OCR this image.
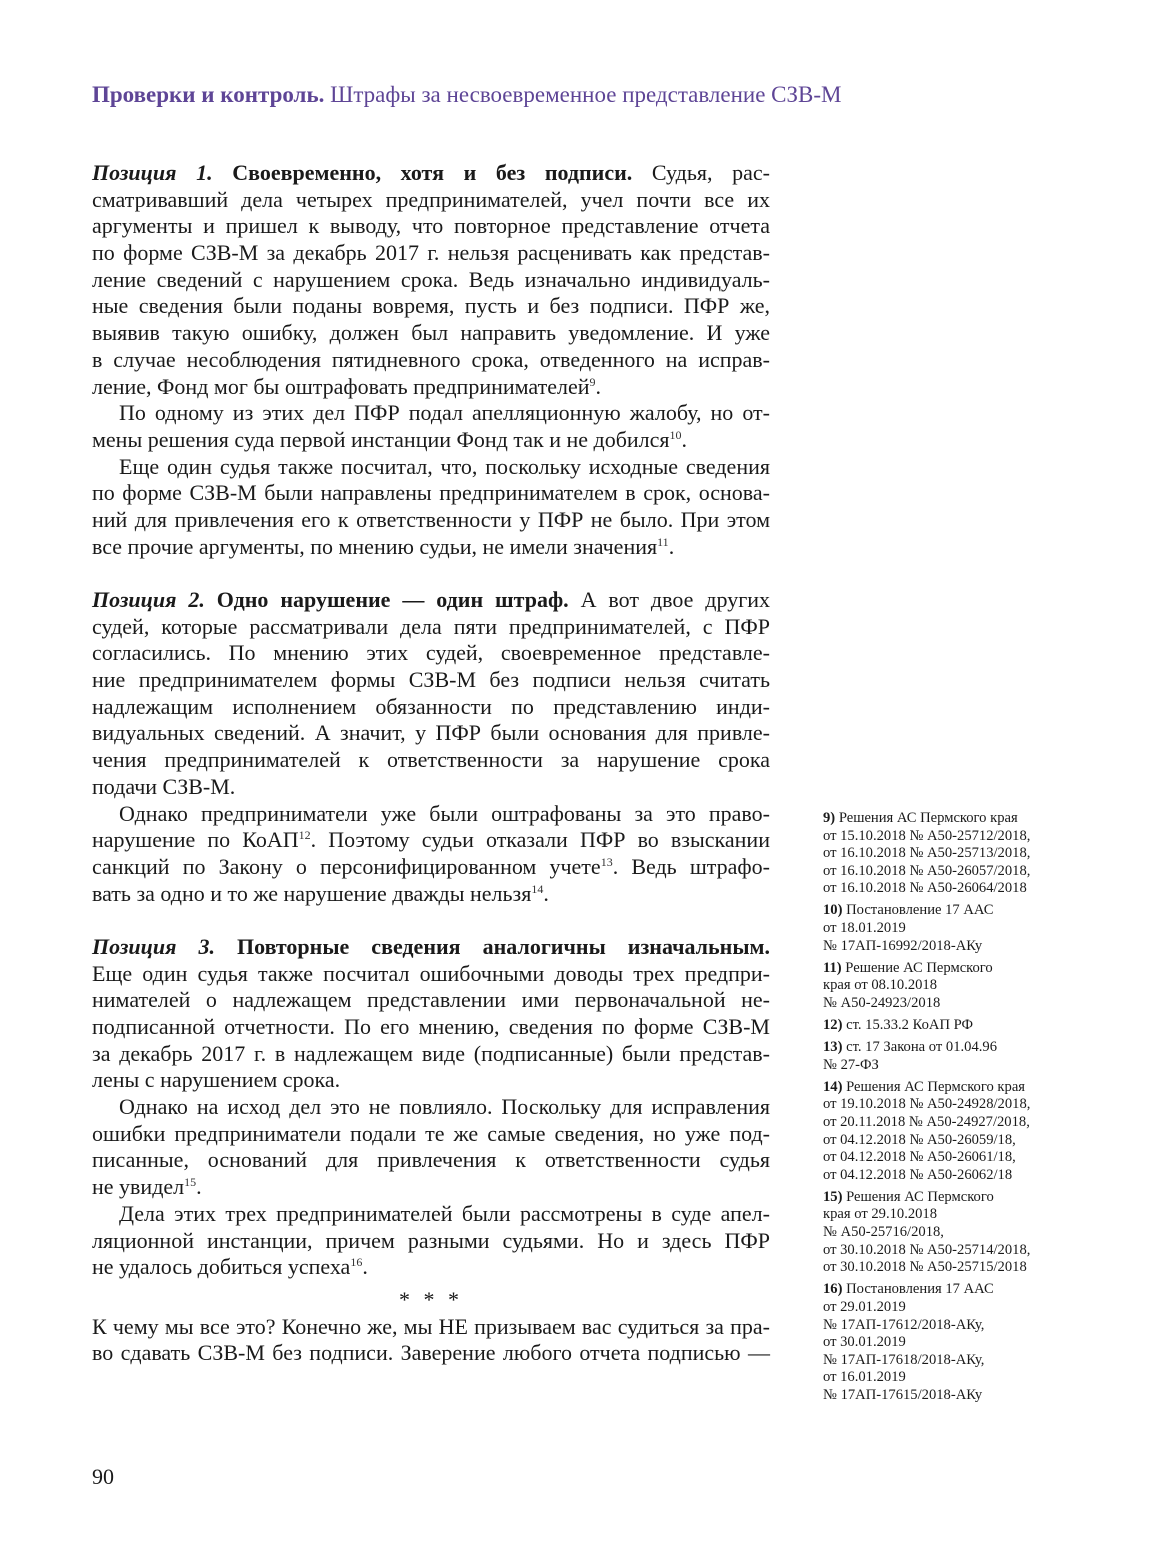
Проверки и контроль. Штрафы за несвоевременное представление СЗВ-М
Позиция 1. Своевременно, хотя и без подписи. Судья, рас-
сматривавший дела четырех предпринимателей, учел почти все их
аргументы и пришел к выводу, что повторное представление отчета
по форме СЗВ-М за декабрь 2017 г. нельзя расценивать как представ-
ление сведений с нарушением срока. Ведь изначально индивидуаль-
ные сведения были поданы вовремя, пусть и без подписи. ПФР же,
выявив такую ошибку, должен был направить уведомление. И уже
в случае несоблюдения пятидневного срока, отведенного на исправ-
ление, Фонд мог бы оштрафовать предпринимателей$^9$.
По одному из этих дел ПФР подал апелляционную жалобу, но от-
мены решения суда первой инстанции Фонд так и не добился$^{10}$.
Еще один судья также посчитал, что, поскольку исходные сведения
по форме СЗВ-М были направлены предпринимателем в срок, основа-
ний для привлечения его к ответственности у ПФР не было. При этом
все прочие аргументы, по мнению судьи, не имели значения$^{11}$.
Позиция 2. Одно нарушение — один штраф. А вот двое других
судей, которые рассматривали дела пяти предпринимателей, с ПФР
согласились. По мнению этих судей, своевременное представле-
ние предпринимателем формы СЗВ-М без подписи нельзя считать
надлежащим исполнением обязанности по представлению инди-
видуальных сведений. А значит, у ПФР были основания для привле-
чения предпринимателей к ответственности за нарушение срока
подачи СЗВ-М.
Однако предприниматели уже были оштрафованы за это право-
нарушение по КоАП$^{12}$. Поэтому судьи отказали ПФР во взыскании
санкций по Закону о персонифицированном учете$^{13}$. Ведь штрафо-
вать за одно и то же нарушение дважды нельзя$^{14}$.
Позиция 3. Повторные сведения аналогичны изначальным.
Еще один судья также посчитал ошибочными доводы трех предпри-
нимателей о надлежащем представлении ими первоначальной не-
подписанной отчетности. По его мнению, сведения по форме СЗВ-М
за декабрь 2017 г. в надлежащем виде (подписанные) были представ-
лены с нарушением срока.
Однако на исход дел это не повлияло. Поскольку для исправления
ошибки предприниматели подали те же самые сведения, но уже под-
писанные, оснований для привлечения к ответственности судья
не увидел$^{15}$.
Дела этих трех предпринимателей были рассмотрены в суде апел-
ляционной инстанции, причем разными судьями. Но и здесь ПФР
не удалось добиться успеха$^{16}$.
* * *
К чему мы все это? Конечно же, мы НЕ призываем вас судиться за пра-
во сдавать СЗВ-М без подписи. Заверение любого отчета подписью —
9) Решения АС Пермского края
от 15.10.2018 № А50-25712/2018,
от 16.10.2018 № А50-25713/2018,
от 16.10.2018 № А50-26057/2018,
от 16.10.2018 № А50-26064/2018
10) Постановление 17 ААС
от 18.01.2019
№ 17АП-16992/2018-АКу
11) Решение АС Пермского
края от 08.10.2018
№ А50-24923/2018
12) ст. 15.33.2 КоАП РФ
13) ст. 17 Закона от 01.04.96
№ 27-ФЗ
14) Решения АС Пермского края
от 19.10.2018 № А50-24928/2018,
от 20.11.2018 № А50-24927/2018,
от 04.12.2018 № А50-26059/18,
от 04.12.2018 № А50-26061/18,
от 04.12.2018 № А50-26062/18
15) Решения АС Пермского
края от 29.10.2018
№ А50-25716/2018,
от 30.10.2018 № А50-25714/2018,
от 30.10.2018 № А50-25715/2018
16) Постановления 17 ААС
от 29.01.2019
№ 17АП-17612/2018-АКу,
от 30.01.2019
№ 17АП-17618/2018-АКу,
от 16.01.2019
№ 17АП-17615/2018-АКу
90
